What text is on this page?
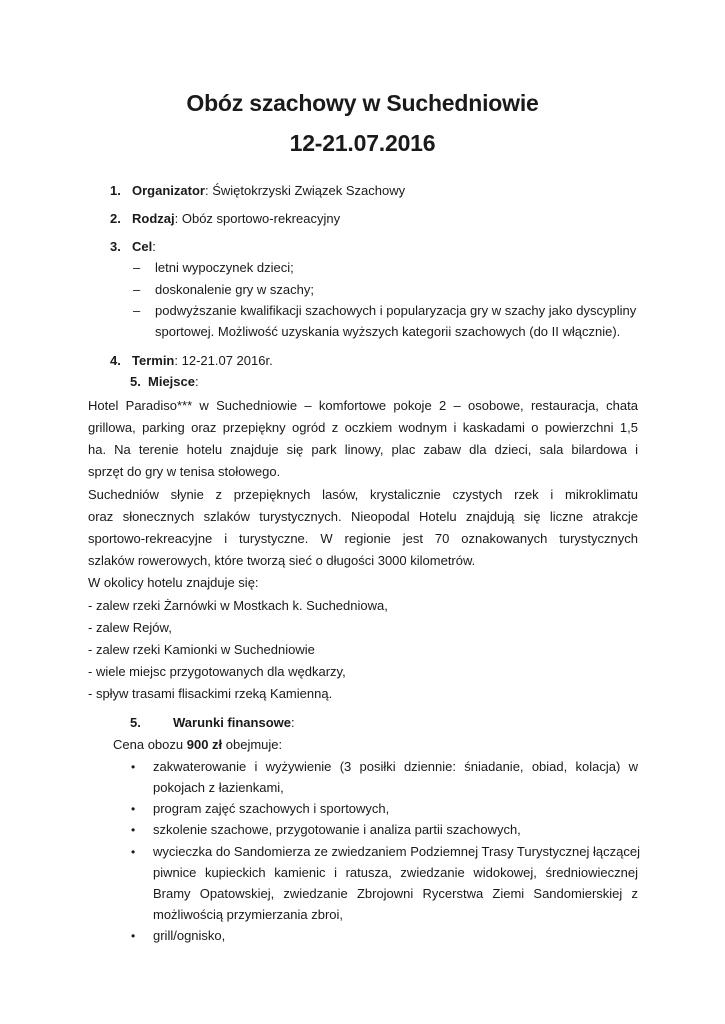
Obóz szachowy w Suchedniowie
12-21.07.2016
1. Organizator: Świętokrzyski Związek Szachowy

2. Rodzaj: Obóz sportowo-rekreacyjny

3. Cel:

– letni wypoczynek dzieci;

– doskonalenie gry w szachy;

– podwyższanie kwalifikacji szachowych i popularyzacja gry w szachy jako dyscypliny

sportowej. Możliwość uzyskania wyższych kategorii szachowych (do II włącznie).

4. Termin: 12-21.07 2016r.

5. Miejsce:

Hotel Paradiso*** w Suchedniowie – komfortowe pokoje 2 – osobowe, restauracja, chata

grillowa, parking oraz przepiękny ogród z oczkiem wodnym i kaskadami o powierzchni 1,5

ha. Na terenie hotelu znajduje się park linowy, plac zabaw dla dzieci, sala bilardowa i

sprzęt do gry w tenisa stołowego.

Suchedniów słynie z przepięknych lasów, krystalicznie czystych rzek i mikroklimatu

oraz słonecznych szlaków turystycznych. Nieopodal Hotelu znajdują się liczne atrakcje

sportowo-rekreacyjne i turystyczne. W regionie jest 70 oznakowanych turystycznych

szlaków rowerowych, które tworzą sieć o długości 3000 kilometrów.

W okolicy hotelu znajduje się:

- zalew rzeki Żarnówki w Mostkach k. Suchedniowa,

- zalew Rejów,

- zalew rzeki Kamionki w Suchedniowie

- wiele miejsc przygotowanych dla wędkarzy,

- spływ trasami flisackimi rzeką Kamienną.

5. Warunki finansowe:

Cena obozu 900 zł obejmuje:

• zakwaterowanie i wyżywienie (3 posiłki dziennie: śniadanie, obiad, kolacja) w

pokojach z łazienkami,

• program zajęć szachowych i sportowych,

• szkolenie szachowe, przygotowanie i analiza partii szachowych,

• wycieczka do Sandomierza ze zwiedzaniem Podziemnej Trasy Turystycznej łączącej

piwnice kupieckich kamienic i ratusza, zwiedzanie widokowej, średniowiecznej

Bramy Opatowskiej, zwiedzanie Zbrojowni Rycerstwa Ziemi Sandomierskiej z

możliwością przymierzania zbroi,

• grill/ognisko,
